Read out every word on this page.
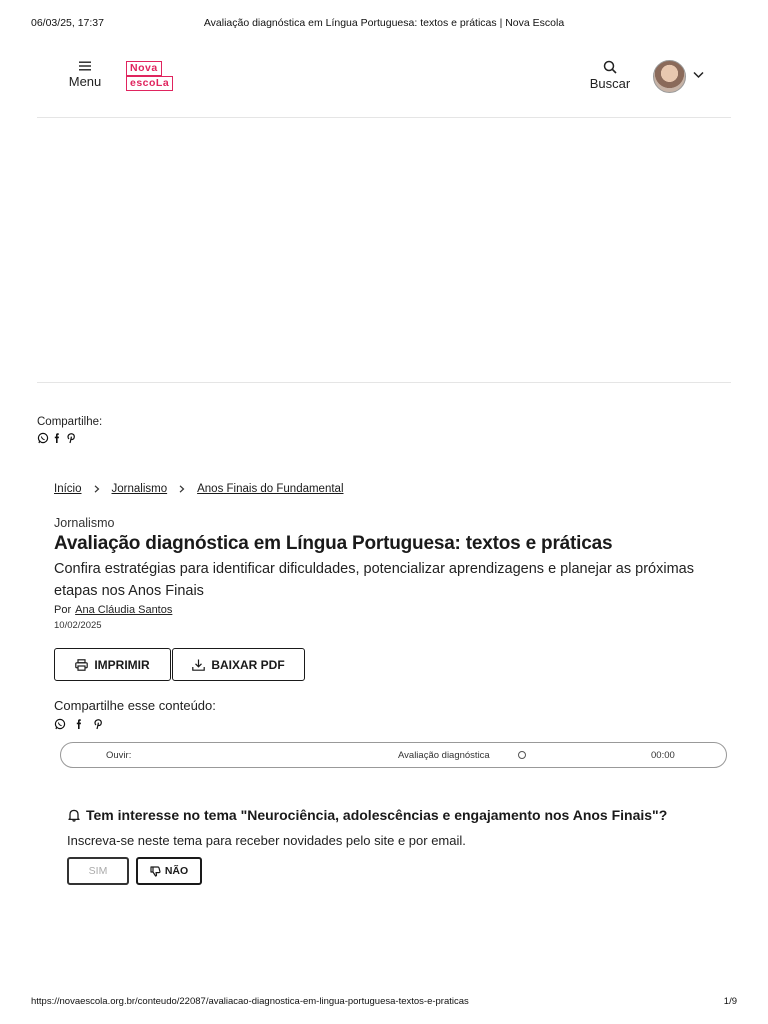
06/03/25, 17:37	Avaliação diagnóstica em Língua Portuguesa: textos e práticas | Nova Escola
Menu
Nova
escoLa	Buscar
Compartilhe:
Início	Jornalismo	Anos Finais do Fundamental
Jornalismo
Avaliação diagnóstica em Língua Portuguesa: textos e práticas

Confira estratégias para identificar dificuldades, potencializar aprendizagens e planejar as próximas etapas nos Anos Finais

Por Ana Cláudia Santos
10/02/2025
IMPRIMIR	BAIXAR PDF
Compartilhe esse conteúdo:
Ouvir:	Avaliação diagnóstica	00:00
Tem interesse no tema "Neurociência, adolescências e engajamento nos Anos Finais"?
Inscreva-se neste tema para receber novidades pelo site e por email.
SIM	NÃO
https://novaescola.org.br/conteudo/22087/avaliacao-diagnostica-em-lingua-portuguesa-textos-e-praticas	1/9
